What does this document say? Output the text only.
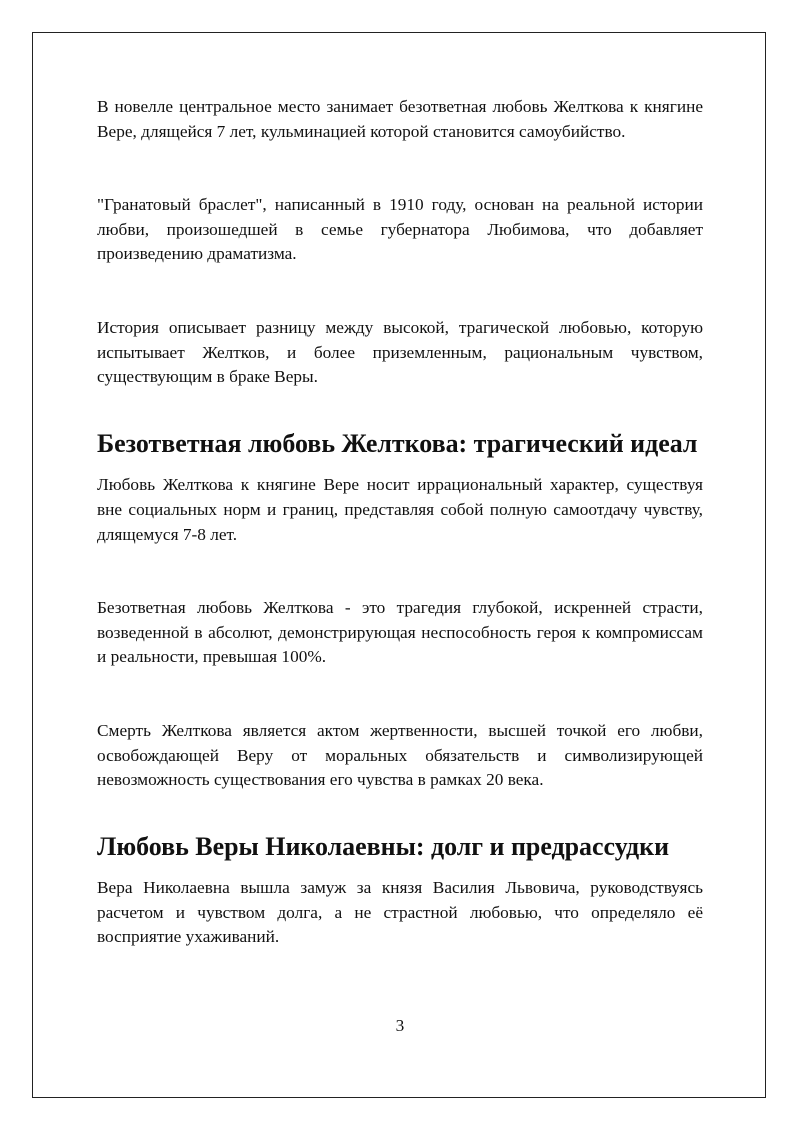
В новелле центральное место занимает безответная любовь Желткова к княгине Вере, длящейся 7 лет, кульминацией которой становится самоубийство.

"Гранатовый браслет", написанный в 1910 году, основан на реальной истории любви, произошедшей в семье губернатора Любимова, что добавляет произведению драматизма.

История описывает разницу между высокой, трагической любовью, которую испытывает Желтков, и более приземленным, рациональным чувством, существующим в браке Веры.

Безответная любовь Желткова: трагический идеал

Любовь Желткова к княгине Вере носит иррациональный характер, существуя вне социальных норм и границ, представляя собой полную самоотдачу чувству, длящемуся 7-8 лет.

Безответная любовь Желткова - это трагедия глубокой, искренней страсти, возведенной в абсолют, демонстрирующая неспособность героя к компромиссам и реальности, превышая 100%.

Смерть Желткова является актом жертвенности, высшей точкой его любви, освобождающей Веру от моральных обязательств и символизирующей невозможность существования его чувства в рамках 20 века.

Любовь Веры Николаевны: долг и предрассудки

Вера Николаевна вышла замуж за князя Василия Львовича, руководствуясь расчетом и чувством долга, а не страстной любовью, что определяло её восприятие ухаживаний.

3
